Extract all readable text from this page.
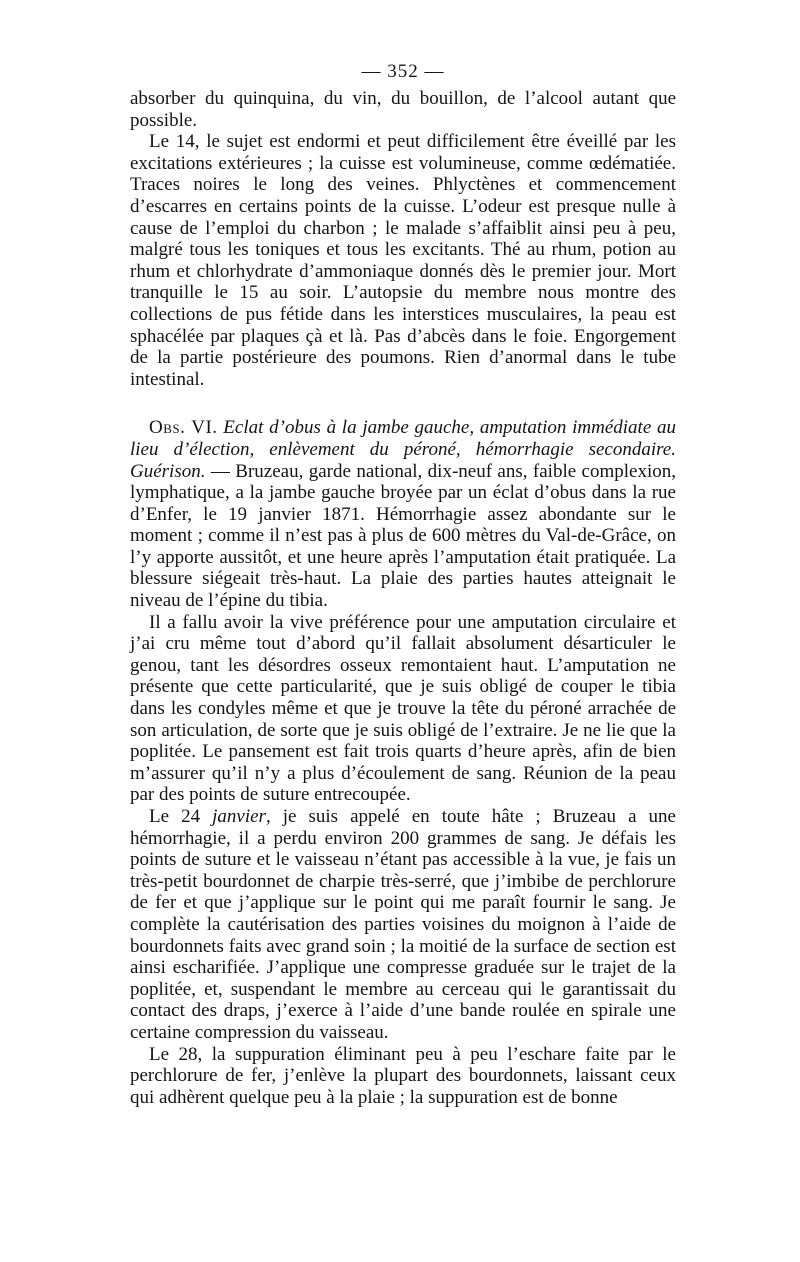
— 352 —

absorber du quinquina, du vin, du bouillon, de l’alcool autant que possible.

Le 14, le sujet est endormi et peut difficilement être éveillé par les excitations extérieures ; la cuisse est volumineuse, comme œdématiée. Traces noires le long des veines. Phlyctènes et commencement d’escarres en certains points de la cuisse. L’odeur est presque nulle à cause de l’emploi du charbon ; le malade s’affaiblit ainsi peu à peu, malgré tous les toniques et tous les excitants. Thé au rhum, potion au rhum et chlorhydrate d’ammoniaque donnés dès le premier jour. Mort tranquille le 15 au soir. L’autopsie du membre nous montre des collections de pus fétide dans les interstices musculaires, la peau est sphacélée par plaques çà et là. Pas d’abcès dans le foie. Engorgement de la partie postérieure des poumons. Rien d’anormal dans le tube intestinal.

Obs. VI. Eclat d’obus à la jambe gauche, amputation immédiate au lieu d’élection, enlèvement du péroné, hémorrhagie secondaire. Guérison. — Bruzeau, garde national, dix-neuf ans, faible complexion, lymphatique, a la jambe gauche broyée par un éclat d’obus dans la rue d’Enfer, le 19 janvier 1871. Hémorrhagie assez abondante sur le moment ; comme il n’est pas à plus de 600 mètres du Val-de-Grâce, on l’y apporte aussitôt, et une heure après l’amputation était pratiquée. La blessure siégeait très-haut. La plaie des parties hautes atteignait le niveau de l’épine du tibia.

Il a fallu avoir la vive préférence pour une amputation circulaire et j’ai cru même tout d’abord qu’il fallait absolument désarticuler le genou, tant les désordres osseux remontaient haut. L’amputation ne présente que cette particularité, que je suis obligé de couper le tibia dans les condyles même et que je trouve la tête du péroné arrachée de son articulation, de sorte que je suis obligé de l’extraire. Je ne lie que la poplitée. Le pansement est fait trois quarts d’heure après, afin de bien m’assurer qu’il n’y a plus d’écoulement de sang. Réunion de la peau par des points de suture entrecoupée.

Le 24 janvier, je suis appelé en toute hâte ; Bruzeau a une hémorrhagie, il a perdu environ 200 grammes de sang. Je défais les points de suture et le vaisseau n’étant pas accessible à la vue, je fais un très-petit bourdonnet de charpie très-serré, que j’imbibe de perchlorure de fer et que j’applique sur le point qui me paraît fournir le sang. Je complète la cautérisation des parties voisines du moignon à l’aide de bourdonnets faits avec grand soin ; la moitié de la surface de section est ainsi escharifiée. J’applique une compresse graduée sur le trajet de la poplitée, et, suspendant le membre au cerceau qui le garantissait du contact des draps, j’exerce à l’aide d’une bande roulée en spirale une certaine compression du vaisseau.

Le 28, la suppuration éliminant peu à peu l’eschare faite par le perchlorure de fer, j’enlève la plupart des bourdonnets, laissant ceux qui adhèrent quelque peu à la plaie ; la suppuration est de bonne
